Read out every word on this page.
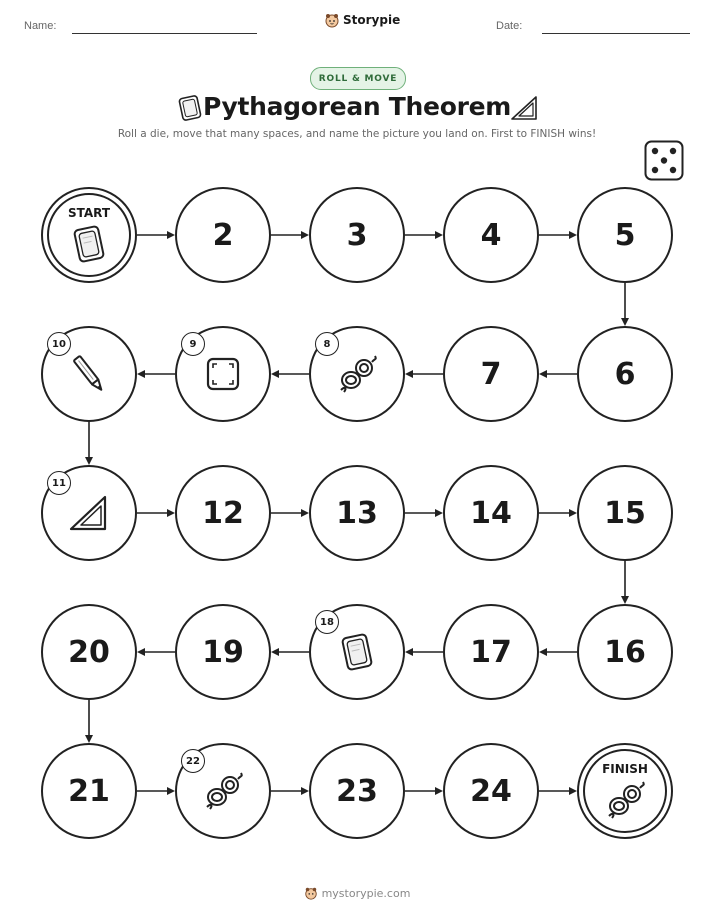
Name:	Storypie	Date:
ROLL & MOVE
Pythagorean Theorem
Roll a die, move that many spaces, and name the picture you land on. First to FINISH wins!
START
2	3	4	5
6
7
8
9
10
11
12	13	14	15
16
17
18
19
20
21
22
23	24
FINISH
mystorypie.com
